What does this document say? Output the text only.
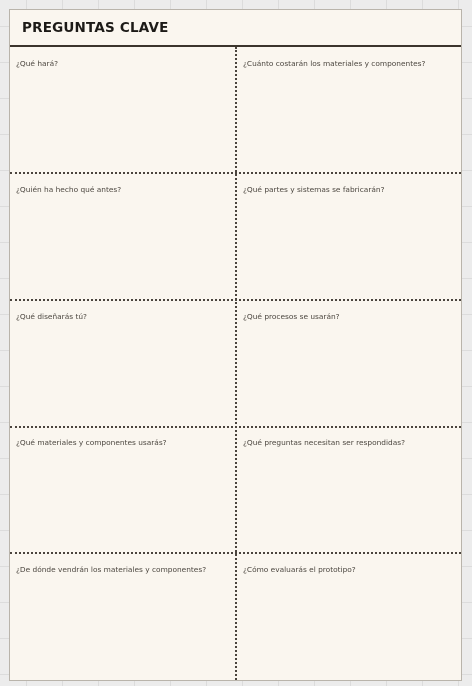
PREGUNTAS CLAVE
¿Qué hará?	¿Cuánto costarán los materiales y componentes?
¿Quién ha hecho qué antes?	¿Qué partes y sistemas se fabricarán?
¿Qué diseñarás tú?	¿Qué procesos se usarán?
¿Qué materiales y componentes usarás?	¿Qué preguntas necesitan ser respondidas?
¿De dónde vendrán los materiales y componentes?	¿Cómo evaluarás el prototipo?
